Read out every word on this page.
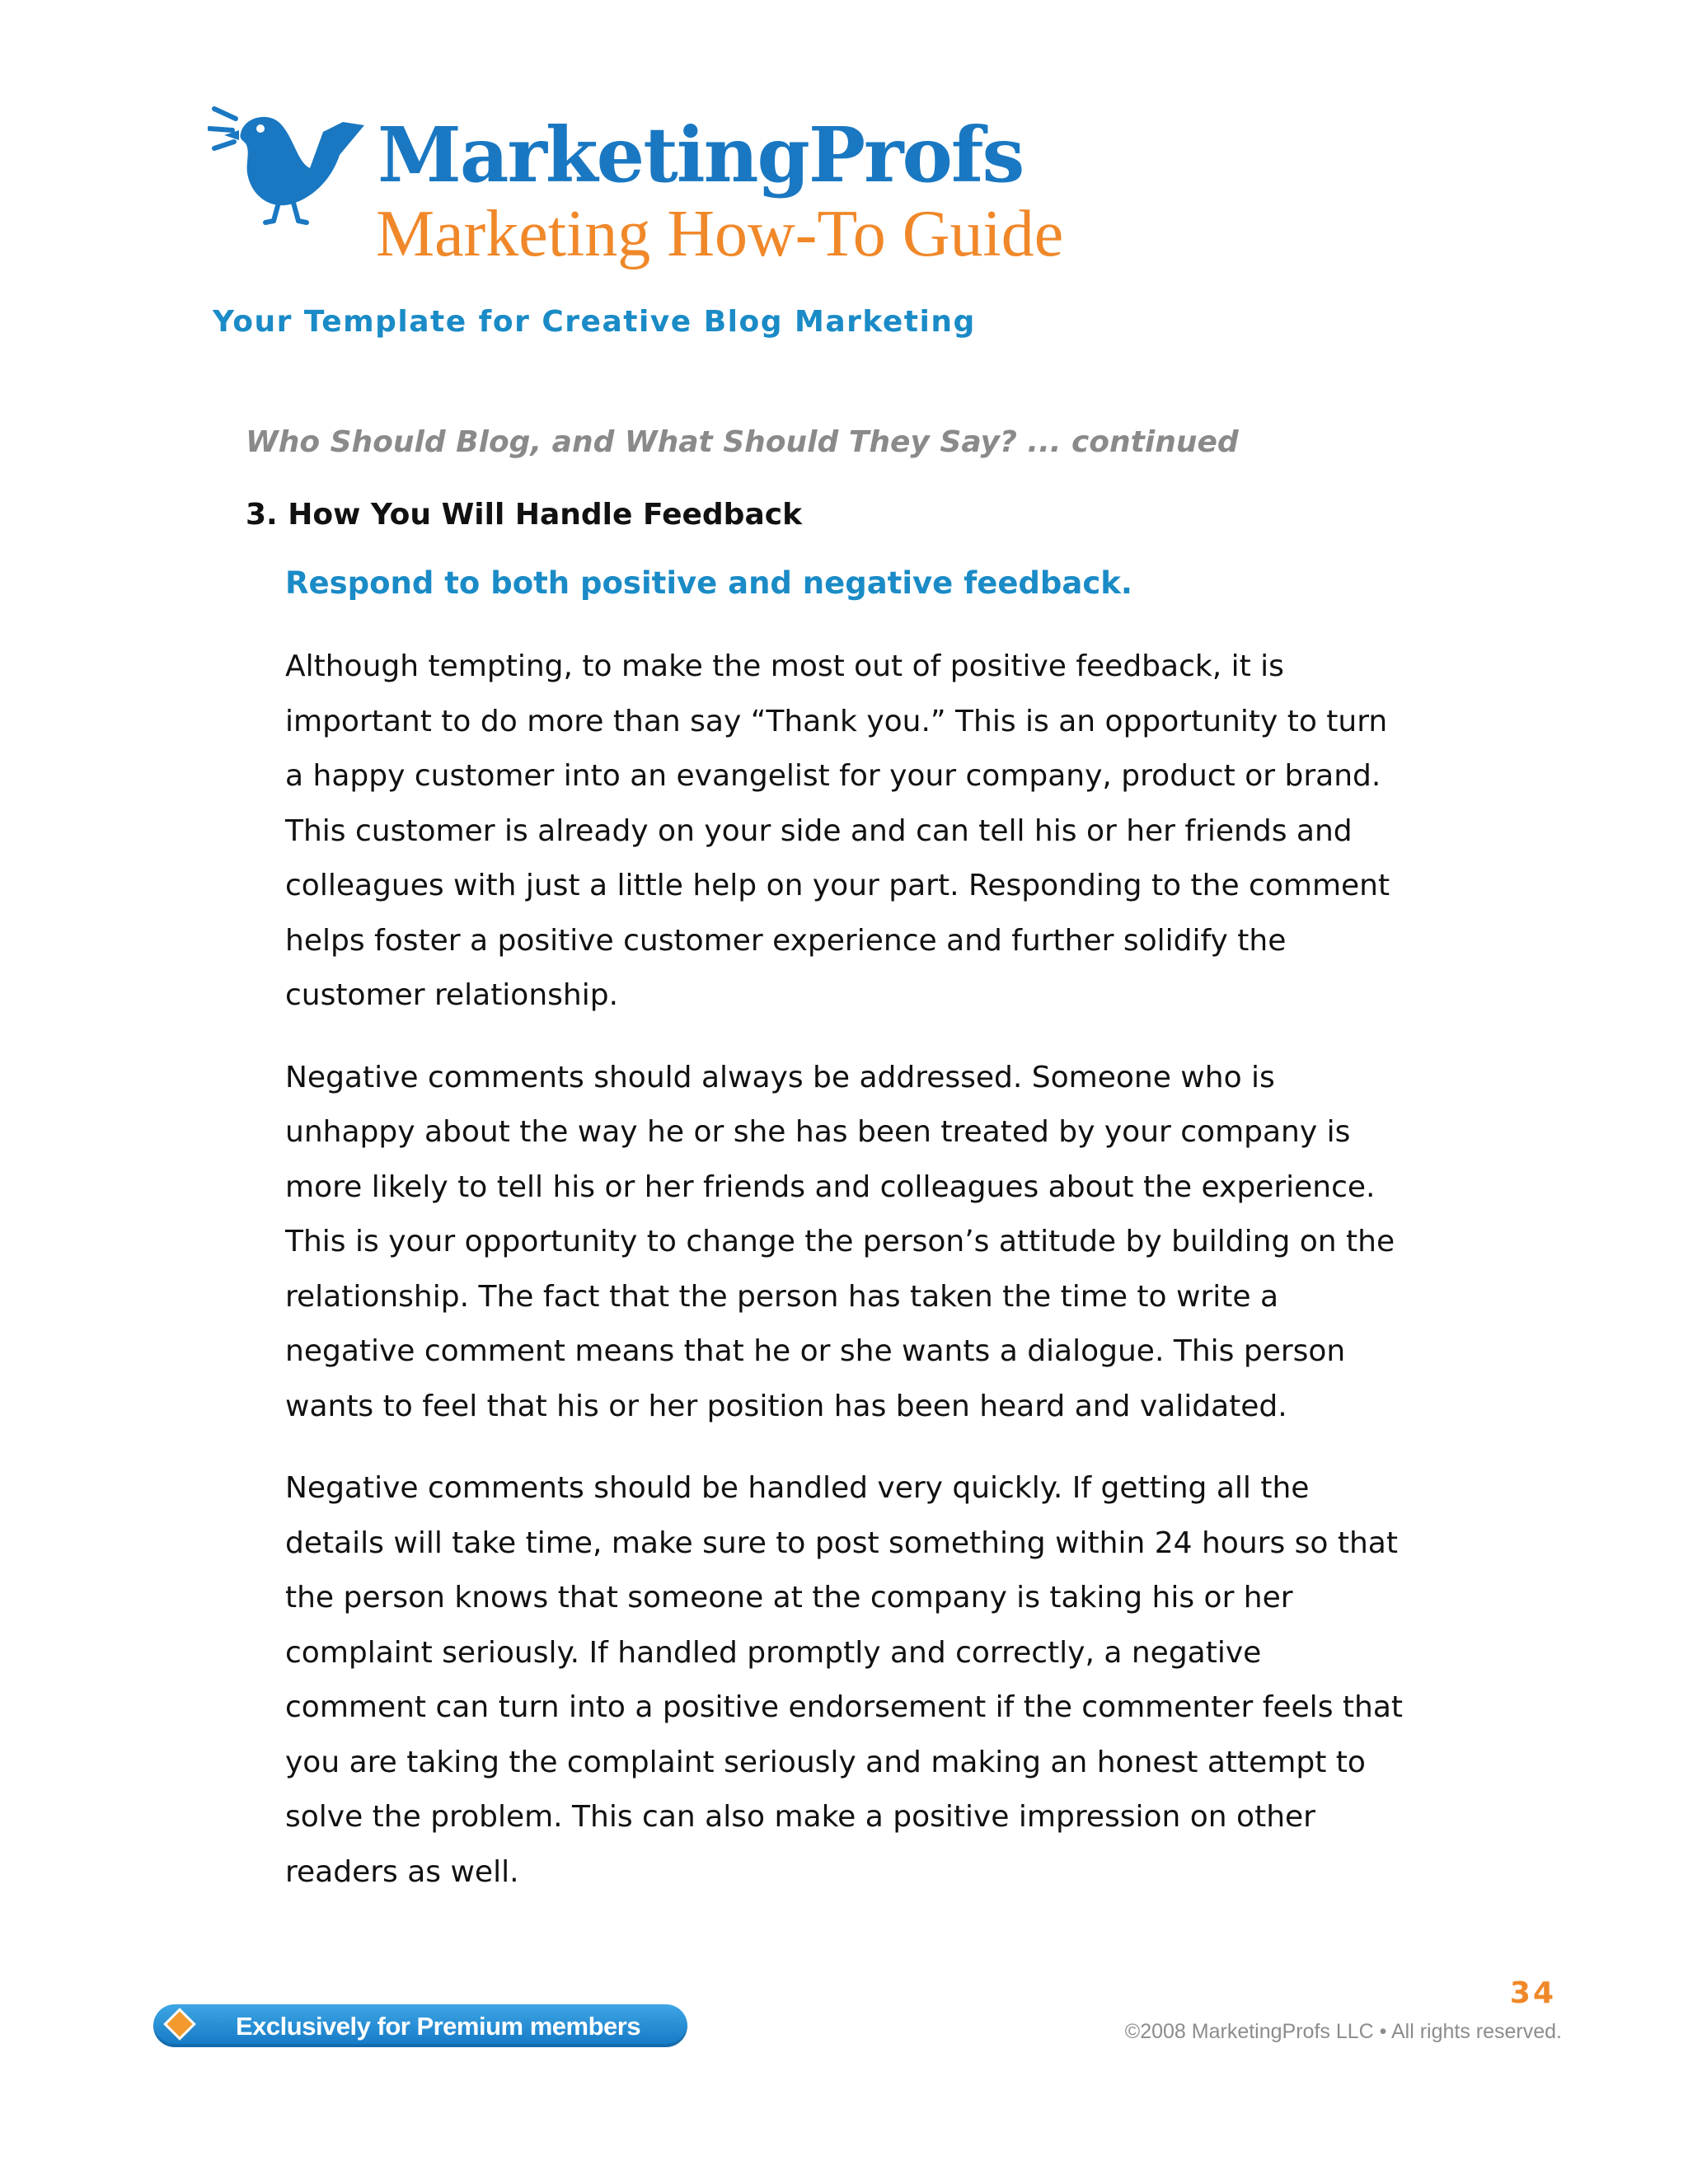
MarketingProfs
Marketing How-To Guide
Your Template for Creative Blog Marketing
Who Should Blog, and What Should They Say? ... continued
3. How You Will Handle Feedback
Respond to both positive and negative feedback.

Although tempting, to make the most out of positive feedback, it is
important to do more than say “Thank you.” This is an opportunity to turn
a happy customer into an evangelist for your company, product or brand.
This customer is already on your side and can tell his or her friends and
colleagues with just a little help on your part. Responding to the comment
helps foster a positive customer experience and further solidify the
customer relationship.

Negative comments should always be addressed. Someone who is
unhappy about the way he or she has been treated by your company is
more likely to tell his or her friends and colleagues about the experience.
This is your opportunity to change the person’s attitude by building on the
relationship. The fact that the person has taken the time to write a
negative comment means that he or she wants a dialogue. This person
wants to feel that his or her position has been heard and validated.

Negative comments should be handled very quickly. If getting all the
details will take time, make sure to post something within 24 hours so that
the person knows that someone at the company is taking his or her
complaint seriously. If handled promptly and correctly, a negative
comment can turn into a positive endorsement if the commenter feels that
you are taking the complaint seriously and making an honest attempt to
solve the problem. This can also make a positive impression on other
readers as well.

34
©2008 MarketingProfs LLC • All rights reserved.
Exclusively for Premium members
